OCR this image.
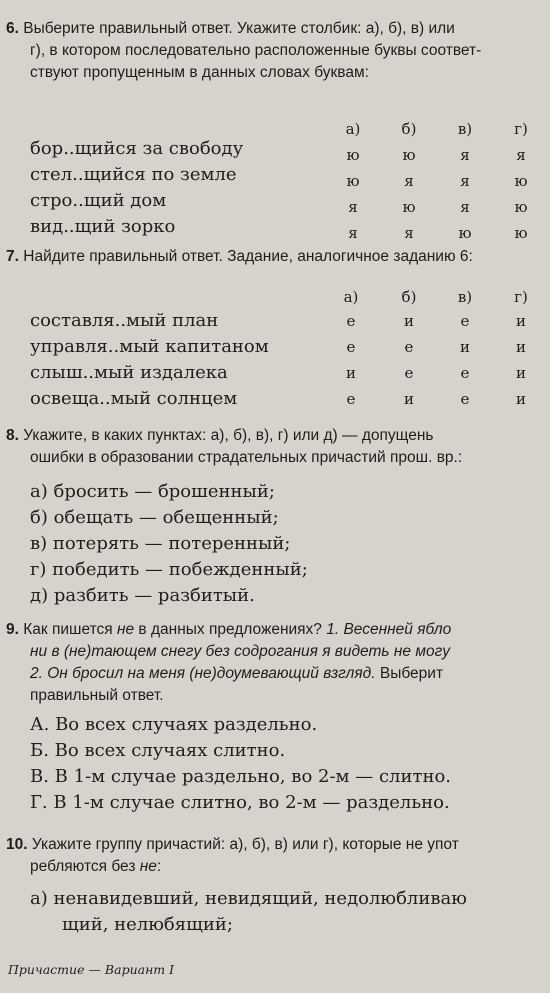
6. Выберите правильный ответ. Укажите столбик: а), б), в) или
г), в котором последовательно расположенные буквы соответ-
ствуют пропущенным в данных словах буквам:
а)	б)	в)	г)
бор..щийся за свободу	ю	ю	я	я
стел..щийся по земле	ю	я	я	ю
стро..щий дом	я	ю	я	ю
вид..щий зорко	я	я	ю	ю
7. Найдите правильный ответ. Задание, аналогичное заданию 6:
а)	б)	в)	г)
составля..мый план	е	и	е	и
управля..мый капитаном	е	е	и	и
слыш..мый издалека	и	е	е	и
освеща..мый солнцем	е	и	е	и
8. Укажите, в каких пунктах: а), б), в), г) или д) — допущень
ошибки в образовании страдательных причастий прош. вр.:
а) бросить — брошенный;
б) обещать — обещенный;
в) потерять — потеренный;
г) победить — побежденный;
д) разбить — разбитый.
9. Как пишется не в данных предложениях? 1. Весенней ябло
ни в (не)тающем снегу без содрогания я видеть не могу
2. Он бросил на меня (не)доумевающий взгляд. Выберит
правильный ответ.
А. Во всех случаях раздельно.
Б. Во всех случаях слитно.
В. В 1-м случае раздельно, во 2-м — слитно.
Г. В 1-м случае слитно, во 2-м — раздельно.
10. Укажите группу причастий: а), б), в) или г), которые не упот
ребляются без не:
а) ненавидевший, невидящий, недолюбливаю
щий, нелюбящий;
Причастие — Вариант I
